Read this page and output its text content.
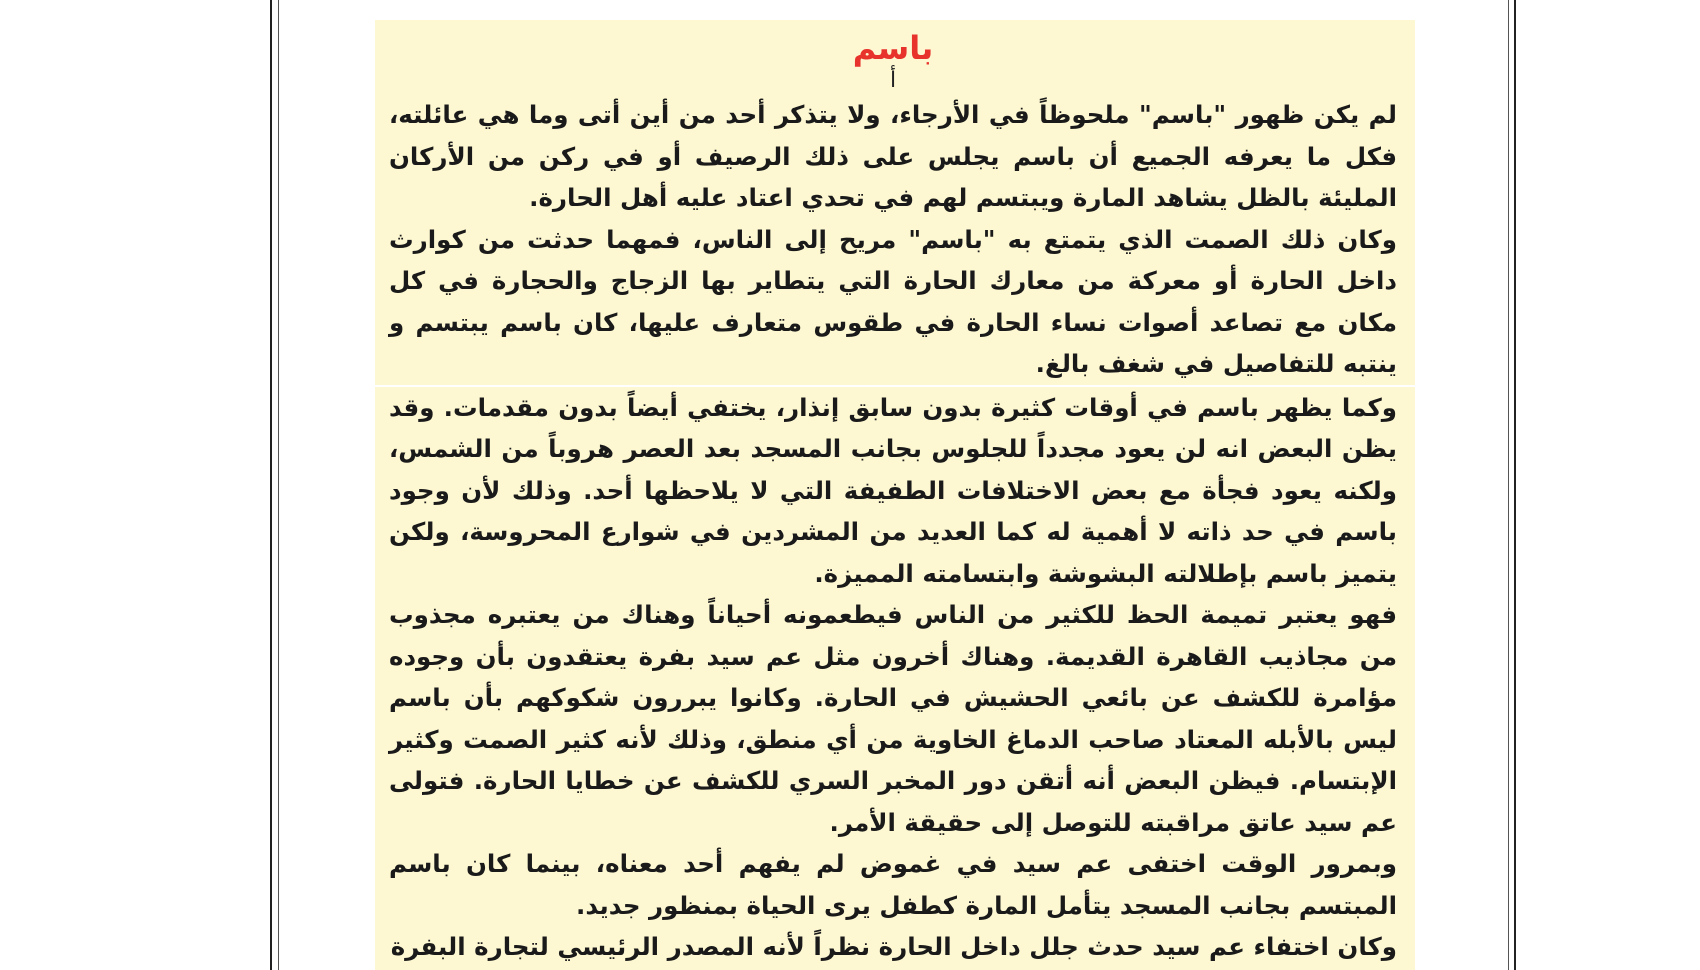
باسم
أ

لم يكن ظهور "باسم" ملحوظاً في الأرجاء، ولا يتذكر أحد من أين أتى وما هي عائلته، فكل ما يعرفه الجميع أن باسم يجلس على ذلك الرصيف أو في ركن من الأركان المليئة بالظل يشاهد المارة ويبتسم لهم في تحدي اعتاد عليه أهل الحارة.

وكان ذلك الصمت الذي يتمتع به "باسم" مريح إلى الناس، فمهما حدثت من كوارث داخل الحارة أو معركة من معارك الحارة التي يتطاير بها الزجاج والحجارة في كل مكان مع تصاعد أصوات نساء الحارة في طقوس متعارف عليها، كان باسم يبتسم و ينتبه للتفاصيل في شغف بالغ.

وكما يظهر باسم في أوقات كثيرة بدون سابق إنذار، يختفي أيضاً بدون مقدمات. وقد يظن البعض انه لن يعود مجدداً للجلوس بجانب المسجد بعد العصر هروباً من الشمس، ولكنه يعود فجأة مع بعض الاختلافات الطفيفة التي لا يلاحظها أحد. وذلك لأن وجود باسم في حد ذاته لا أهمية له كما العديد من المشردين في شوارع المحروسة، ولكن يتميز باسم بإطلالته البشوشة وابتسامته المميزة.

فهو يعتبر تميمة الحظ للكثير من الناس فيطعمونه أحياناً وهناك من يعتبره مجذوب من مجاذيب القاهرة القديمة. وهناك أخرون مثل عم سيد بفرة يعتقدون بأن وجوده مؤامرة للكشف عن بائعي الحشيش في الحارة. وكانوا يبررون شكوكهم بأن باسم ليس بالأبله المعتاد صاحب الدماغ الخاوية من أي منطق، وذلك لأنه كثير الصمت وكثير الإبتسام. فيظن البعض أنه أتقن دور المخبر السري للكشف عن خطايا الحارة. فتولى عم سيد عاتق مراقبته للتوصل إلى حقيقة الأمر.

وبمرور الوقت اختفى عم سيد في غموض لم يفهم أحد معناه، بينما كان باسم المبتسم بجانب المسجد يتأمل المارة كطفل يرى الحياة بمنظور جديد.

وكان اختفاء عم سيد حدث جلل داخل الحارة نظراً لأنه المصدر الرئيسي لتجارة البفرة
